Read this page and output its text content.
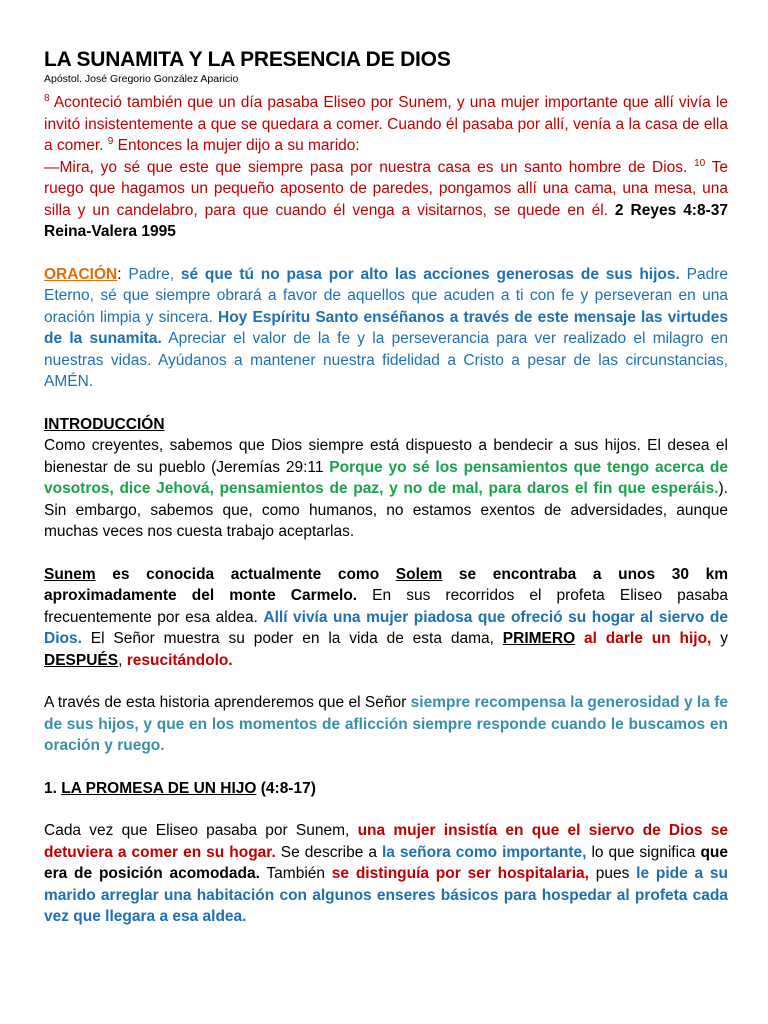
LA SUNAMITA Y LA PRESENCIA DE DIOS
Apóstol. José Gregorio González Aparicio

$^8$ Aconteció también que un día pasaba Eliseo por Sunem, y una mujer importante que allí vivía le invitó insistentemente a que se quedara a comer. Cuando él pasaba por allí, venía a la casa de ella a comer. $^9$ Entonces la mujer dijo a su marido:

—Mira, yo sé que este que siempre pasa por nuestra casa es un santo hombre de Dios. $^{10}$ Te ruego que hagamos un pequeño aposento de paredes, pongamos allí una cama, una mesa, una silla y un candelabro, para que cuando él venga a visitarnos, se quede en él. 2 Reyes 4:8-37 Reina-Valera 1995

ORACIÓN: Padre, sé que tú no pasa por alto las acciones generosas de sus hijos. Padre Eterno, sé que siempre obrará a favor de aquellos que acuden a ti con fe y perseveran en una oración limpia y sincera. Hoy Espíritu Santo enséñanos a través de este mensaje las virtudes de la sunamita. Apreciar el valor de la fe y la perseverancia para ver realizado el milagro en nuestras vidas. Ayúdanos a mantener nuestra fidelidad a Cristo a pesar de las circunstancias, AMÉN.

INTRODUCCIÓN

Como creyentes, sabemos que Dios siempre está dispuesto a bendecir a sus hijos. El desea el bienestar de su pueblo (Jeremías 29:11 Porque yo sé los pensamientos que tengo acerca de vosotros, dice Jehová, pensamientos de paz, y no de mal, para daros el fin que esperáis.). Sin embargo, sabemos que, como humanos, no estamos exentos de adversidades, aunque muchas veces nos cuesta trabajo aceptarlas.

Sunem es conocida actualmente como Solem se encontraba a unos 30 km aproximadamente del monte Carmelo. En sus recorridos el profeta Eliseo pasaba frecuentemente por esa aldea. Allí vivía una mujer piadosa que ofreció su hogar al siervo de Dios. El Señor muestra su poder en la vida de esta dama, PRIMERO al darle un hijo, y DESPUÉS, resucitándolo.

A través de esta historia aprenderemos que el Señor siempre recompensa la generosidad y la fe de sus hijos, y que en los momentos de aflicción siempre responde cuando le buscamos en oración y ruego.

1. LA PROMESA DE UN HIJO (4:8-17)

Cada vez que Eliseo pasaba por Sunem, una mujer insistía en que el siervo de Dios se detuviera a comer en su hogar. Se describe a la señora como importante, lo que significa que era de posición acomodada. También se distinguía por ser hospitalaria, pues le pide a su marido arreglar una habitación con algunos enseres básicos para hospedar al profeta cada vez que llegara a esa aldea.
